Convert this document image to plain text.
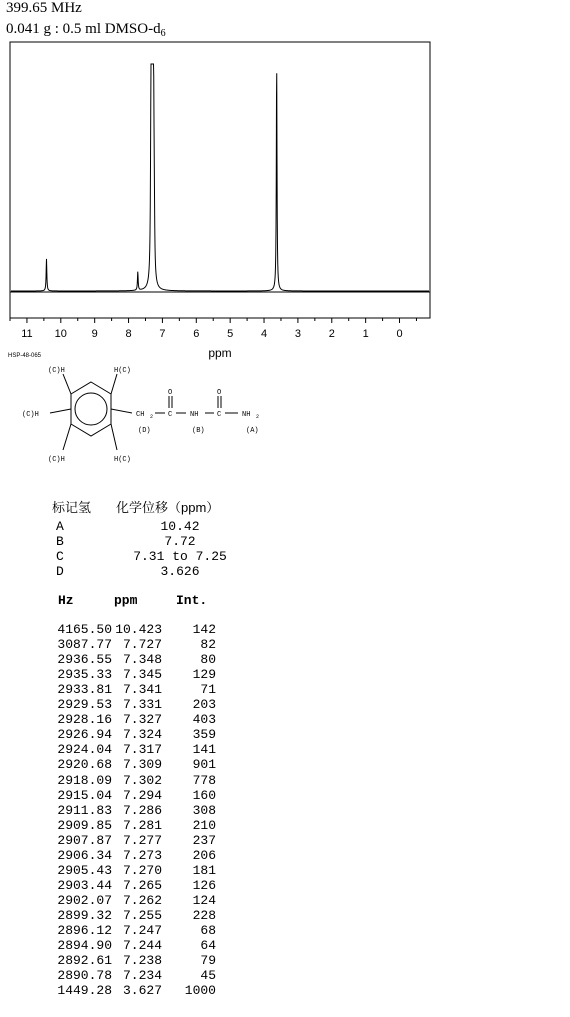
399.65 MHz
0.041 g : 0.5 ml DMSO-$d_6$
11 10 9	8	7	6	5	4	3	2	1	0
ppm
HSP-48-065
(C)H	H(C)
(C)H
(C)H	H(C)
CH 2
O	O
C	C
NH	NH 2
(D)	(B)	(A)
标记氢 化学位移（ppm）
A	10.42
B	7.72
C	7.31 to 7.25
D	3.626
Hz	ppm	Int.
4165.50 10.423	142
3087.77 7.727	82
2936.55 7.348	80
2935.33 7.345	129
2933.81 7.341	71
2929.53 7.331	203
2928.16 7.327	403
2926.94 7.324	359
2924.04 7.317	141
2920.68 7.309	901
2918.09 7.302	778
2915.04 7.294	160
2911.83 7.286	308
2909.85 7.281	210
2907.87 7.277	237
2906.34 7.273	206
2905.43 7.270	181
2903.44 7.265	126
2902.07 7.262	124
2899.32 7.255	228
2896.12 7.247	68
2894.90 7.244	64
2892.61 7.238	79
2890.78 7.234	45
1449.28 3.627	1000
